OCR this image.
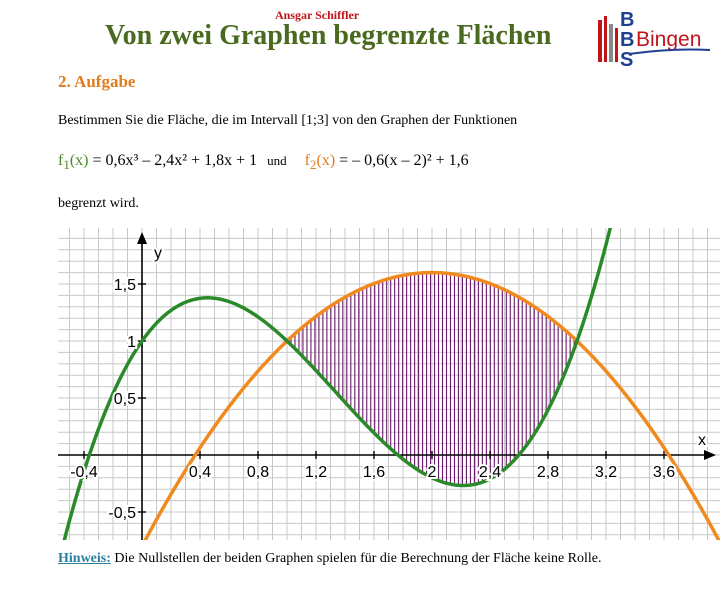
Ansgar Schiffler
Von zwei Graphen begrenzte Flächen	B
B
S
Bingen
2. Aufgabe
Bestimmen Sie die Fläche, die im Intervall [1;3] von den Graphen der Funktionen
$f_1(x) = 0,6x^3 - 2,4x^2 + 1,8x + 1$ und $f_2(x)$ = – 0,6(x – 2)² + 1,6
begrenzt wird.
-0,4	0,4 0,8 1,2 1,6	2	2,4 2,8 3,2 3,6
1,5
1
0,5
-0,5
x
y
Hinweis: Die Nullstellen der beiden Graphen spielen für die Berechnung der Fläche keine Rolle.
